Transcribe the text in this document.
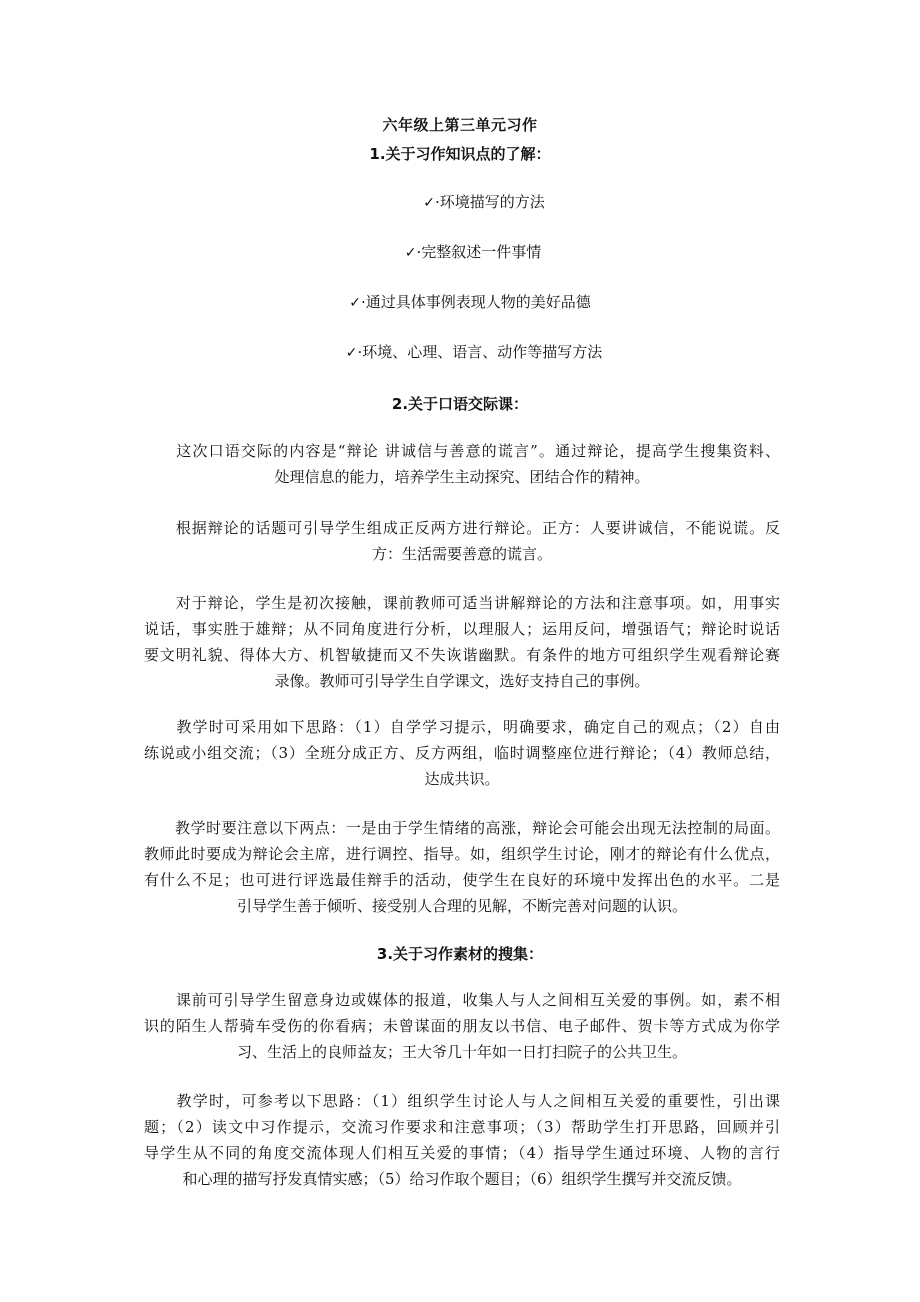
六年级上第三单元习作
1.关于习作知识点的了解：
✓·环境描写的方法
✓·完整叙述一件事情
✓·通过具体事例表现人物的美好品德
✓·环境、心理、语言、动作等描写方法
2.关于口语交际课：
　　这次口语交际的内容是“辩论 讲诚信与善意的谎言”。通过辩论，提高学生搜集资料、
处理信息的能力，培养学生主动探究、团结合作的精神。
　　根据辩论的话题可引导学生组成正反两方进行辩论。正方：人要讲诚信，不能说谎。反
方：生活需要善意的谎言。
　　对于辩论，学生是初次接触，课前教师可适当讲解辩论的方法和注意事项。如，用事实
说话，事实胜于雄辩；从不同角度进行分析，以理服人；运用反问，增强语气；辩论时说话
要文明礼貌、得体大方、机智敏捷而又不失诙谐幽默。有条件的地方可组织学生观看辩论赛
录像。教师可引导学生自学课文，选好支持自己的事例。
　　教学时可采用如下思路：（1）自学学习提示，明确要求，确定自己的观点；（2）自由
练说或小组交流；（3）全班分成正方、反方两组，临时调整座位进行辩论；（4）教师总结，
达成共识。
　　教学时要注意以下两点：一是由于学生情绪的高涨，辩论会可能会出现无法控制的局面。
教师此时要成为辩论会主席，进行调控、指导。如，组织学生讨论，刚才的辩论有什么优点，
有什么不足；也可进行评选最佳辩手的活动，使学生在良好的环境中发挥出色的水平。二是
引导学生善于倾听、接受别人合理的见解，不断完善对问题的认识。
3.关于习作素材的搜集：
　　课前可引导学生留意身边或媒体的报道，收集人与人之间相互关爱的事例。如，素不相
识的陌生人帮骑车受伤的你看病；未曾谋面的朋友以书信、电子邮件、贺卡等方式成为你学
习、生活上的良师益友；王大爷几十年如一日打扫院子的公共卫生。
　　教学时，可参考以下思路：（1）组织学生讨论人与人之间相互关爱的重要性，引出课
题；（2）读文中习作提示，交流习作要求和注意事项；（3）帮助学生打开思路，回顾并引
导学生从不同的角度交流体现人们相互关爱的事情；（4）指导学生通过环境、人物的言行
和心理的描写抒发真情实感；（5）给习作取个题目；（6）组织学生撰写并交流反馈。
